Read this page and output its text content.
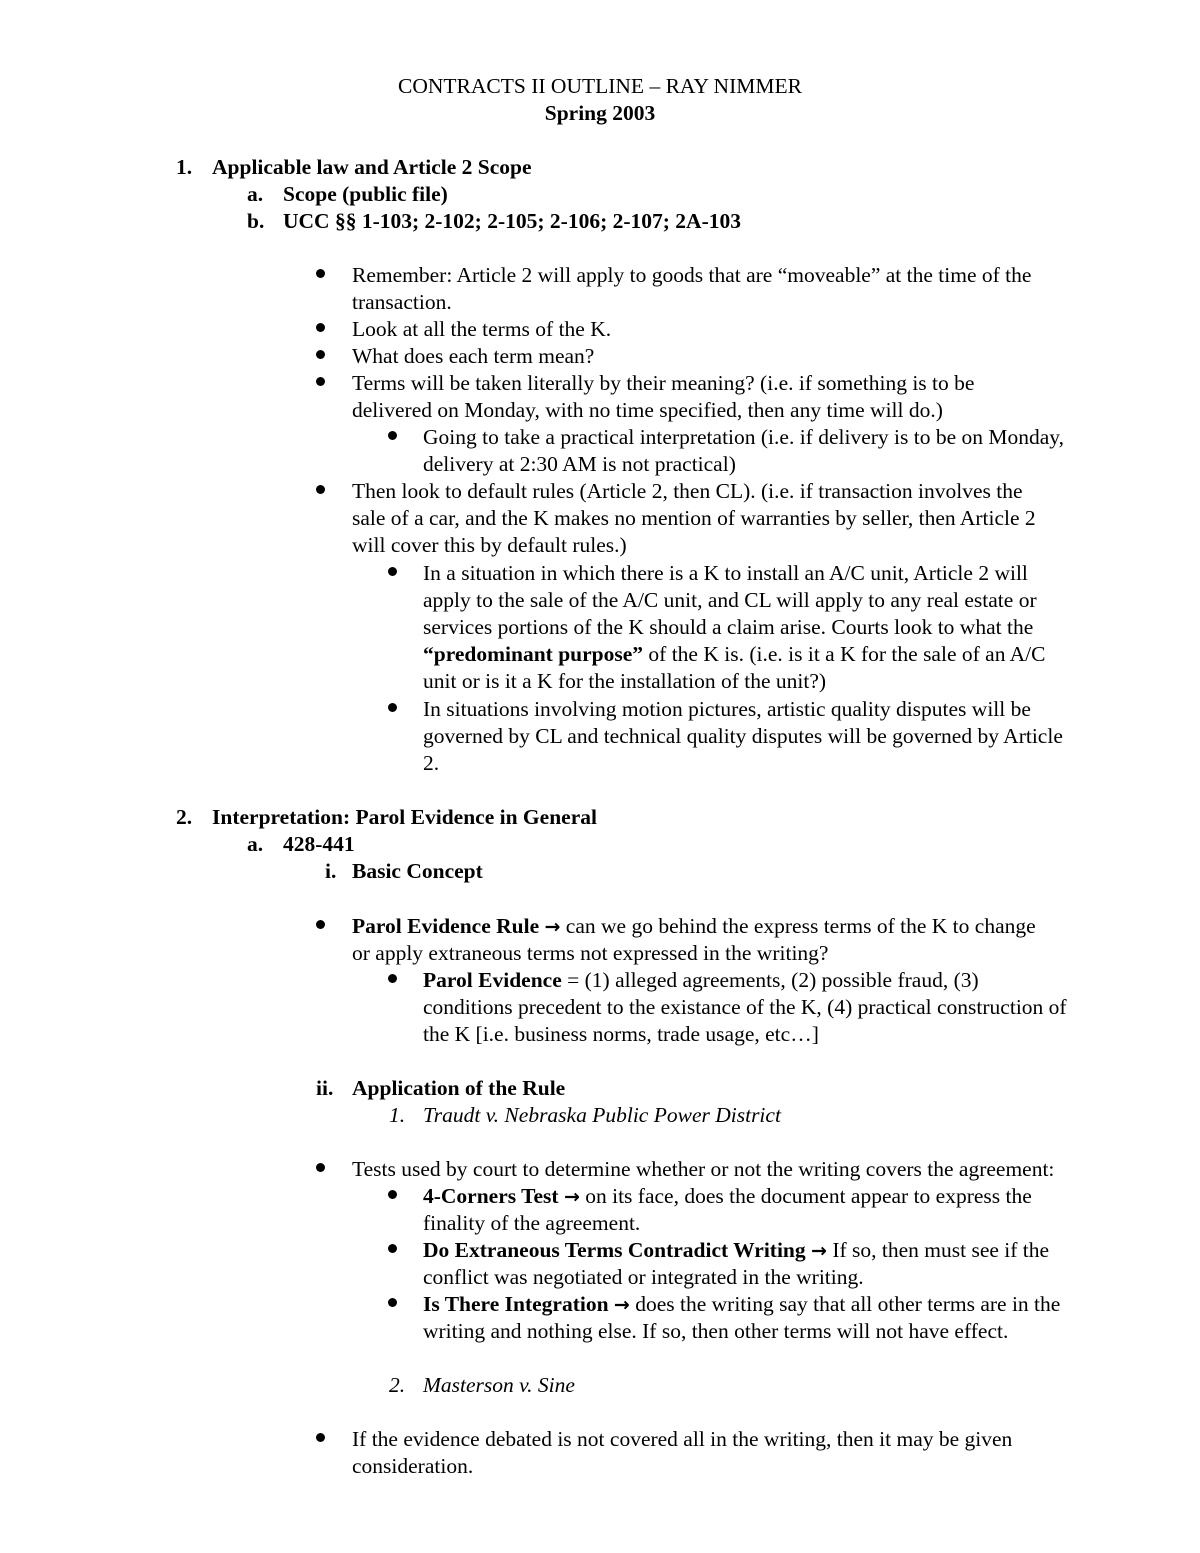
CONTRACTS II OUTLINE – RAY NIMMER
Spring 2003
1. Applicable law and Article 2 Scope
a. Scope (public file)
b. UCC §§ 1-103; 2-102; 2-105; 2-106; 2-107; 2A-103
Remember: Article 2 will apply to goods that are “moveable” at the time of the
transaction.
Look at all the terms of the K.
What does each term mean?
Terms will be taken literally by their meaning? (i.e. if something is to be
delivered on Monday, with no time specified, then any time will do.)
Going to take a practical interpretation (i.e. if delivery is to be on Monday,
delivery at 2:30 AM is not practical)
Then look to default rules (Article 2, then CL). (i.e. if transaction involves the
sale of a car, and the K makes no mention of warranties by seller, then Article 2
will cover this by default rules.)
In a situation in which there is a K to install an A/C unit, Article 2 will
apply to the sale of the A/C unit, and CL will apply to any real estate or
services portions of the K should a claim arise. Courts look to what the
“predominant purpose” of the K is. (i.e. is it a K for the sale of an A/C
unit or is it a K for the installation of the unit?)
In situations involving motion pictures, artistic quality disputes will be
governed by CL and technical quality disputes will be governed by Article
2.
2. Interpretation: Parol Evidence in General
a. 428-441
i. Basic Concept
Parol Evidence Rule → can we go behind the express terms of the K to change
or apply extraneous terms not expressed in the writing?
Parol Evidence = (1) alleged agreements, (2) possible fraud, (3)
conditions precedent to the existance of the K, (4) practical construction of
the K [i.e. business norms, trade usage, etc…]
ii. Application of the Rule
1. Traudt v. Nebraska Public Power District
Tests used by court to determine whether or not the writing covers the agreement:
4-Corners Test → on its face, does the document appear to express the
finality of the agreement.
Do Extraneous Terms Contradict Writing → If so, then must see if the
conflict was negotiated or integrated in the writing.
Is There Integration → does the writing say that all other terms are in the
writing and nothing else. If so, then other terms will not have effect.
2. Masterson v. Sine
If the evidence debated is not covered all in the writing, then it may be given
consideration.
